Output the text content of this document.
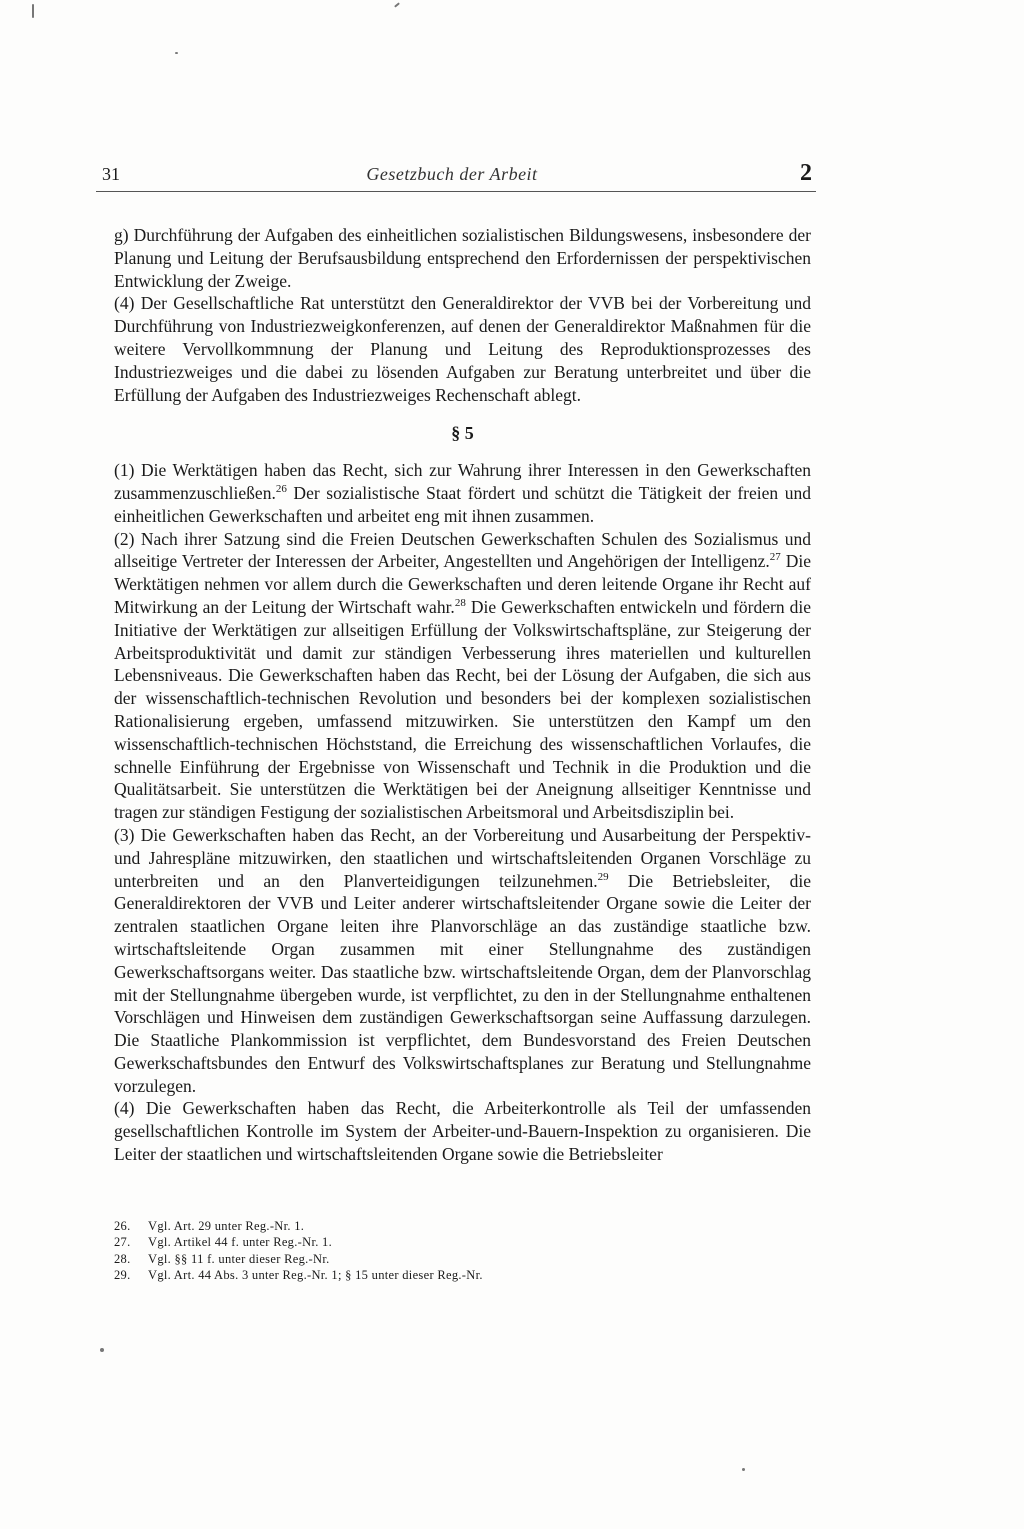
31	Gesetzbuch der Arbeit	2

g) Durchführung der Aufgaben des einheitlichen sozialistischen Bildungswesens, insbesondere der Planung und Leitung der Berufsausbildung entsprechend den Erfordernissen der perspektivischen Entwicklung der Zweige.

(4) Der Gesellschaftliche Rat unterstützt den Generaldirektor der VVB bei der Vorbereitung und Durchführung von Industriezweigkonferenzen, auf denen der Generaldirektor Maßnahmen für die weitere Vervollkommnung der Planung und Leitung des Reproduktionsprozesses des Industriezweiges und die dabei zu lösenden Aufgaben zur Beratung unterbreitet und über die Erfüllung der Aufgaben des Industriezweiges Rechenschaft ablegt.

§ 5

(1) Die Werktätigen haben das Recht, sich zur Wahrung ihrer Interessen in den Gewerkschaften zusammenzuschließen.$^{26}$ Der sozialistische Staat fördert und schützt die Tätigkeit der freien und einheitlichen Gewerkschaften und arbeitet eng mit ihnen zusammen.

(2) Nach ihrer Satzung sind die Freien Deutschen Gewerkschaften Schulen des Sozialismus und allseitige Vertreter der Interessen der Arbeiter, Angestellten und Angehörigen der Intelligenz.$^{27}$ Die Werktätigen nehmen vor allem durch die Gewerkschaften und deren leitende Organe ihr Recht auf Mitwirkung an der Leitung der Wirtschaft wahr.$^{28}$ Die Gewerkschaften entwickeln und fördern die Initiative der Werktätigen zur allseitigen Erfüllung der Volkswirtschaftspläne, zur Steigerung der Arbeitsproduktivität und damit zur ständigen Verbesserung ihres materiellen und kulturellen Lebensniveaus. Die Gewerkschaften haben das Recht, bei der Lösung der Aufgaben, die sich aus der wissenschaftlich-technischen Revolution und besonders bei der komplexen sozialistischen Rationalisierung ergeben, umfassend mitzuwirken. Sie unterstützen den Kampf um den wissenschaftlich-technischen Höchststand, die Erreichung des wissenschaftlichen Vorlaufes, die schnelle Einführung der Ergebnisse von Wissenschaft und Technik in die Produktion und die Qualitätsarbeit. Sie unterstützen die Werktätigen bei der Aneignung allseitiger Kenntnisse und tragen zur ständigen Festigung der sozialistischen Arbeitsmoral und Arbeitsdisziplin bei.

(3) Die Gewerkschaften haben das Recht, an der Vorbereitung und Ausarbeitung der Perspektiv- und Jahrespläne mitzuwirken, den staatlichen und wirtschaftsleitenden Organen Vorschläge zu unterbreiten und an den Planverteidigungen teilzunehmen.$^{29}$ Die Betriebsleiter, die Generaldirektoren der VVB und Leiter anderer wirtschaftsleitender Organe sowie die Leiter der zentralen staatlichen Organe leiten ihre Planvorschläge an das zuständige staatliche bzw. wirtschaftsleitende Organ zusammen mit einer Stellungnahme des zuständigen Gewerkschaftsorgans weiter. Das staatliche bzw. wirtschaftsleitende Organ, dem der Planvorschlag mit der Stellungnahme übergeben wurde, ist verpflichtet, zu den in der Stellungnahme enthaltenen Vorschlägen und Hinweisen dem zuständigen Gewerkschaftsorgan seine Auffassung darzulegen. Die Staatliche Plankommission ist verpflichtet, dem Bundesvorstand des Freien Deutschen Gewerkschaftsbundes den Entwurf des Volkswirtschaftsplanes zur Beratung und Stellungnahme vorzulegen.

(4) Die Gewerkschaften haben das Recht, die Arbeiterkontrolle als Teil der umfassenden gesellschaftlichen Kontrolle im System der Arbeiter-und-Bauern-Inspektion zu organisieren. Die Leiter der staatlichen und wirtschaftsleitenden Organe sowie die Betriebsleiter

26.	Vgl. Art. 29 unter Reg.-Nr. 1.
27.	Vgl. Artikel 44 f. unter Reg.-Nr. 1.
28.	Vgl. §§ 11 f. unter dieser Reg.-Nr.
29.	Vgl. Art. 44 Abs. 3 unter Reg.-Nr. 1; § 15 unter dieser Reg.-Nr.
